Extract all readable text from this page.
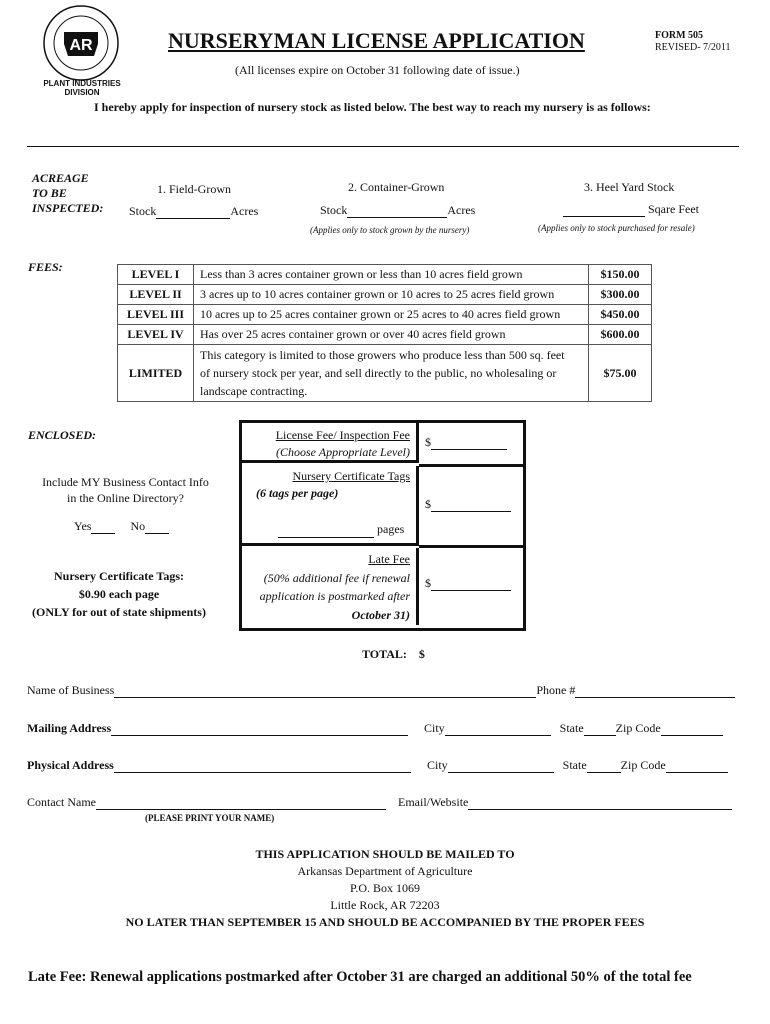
AR
PLANT INDUSTRIES
DIVISION
NURSERYMAN LICENSE APPLICATION	FORM 505
REVISED- 7/2011
(All licenses expire on October 31 following date of issue.)
I hereby apply for inspection of nursery stock as listed below. The best way to reach my nursery is as follows:
ACREAGE
TO BE
INSPECTED:
1. Field-Grown	2. Container-Grown	3. Heel Yard Stock
Stock	Acres	Stock	Acres	Sqare Feet
(Applies only to stock grown by the nursery)	(Applies only to stock purchased for resale)
FEES:	LEVEL I	Less than 3 acres container grown or less than 10 acres field grown	$150.00
LEVEL II	3 acres up to 10 acres container grown or 10 acres to 25 acres field grown	$300.00
LEVEL III	10 acres up to 25 acres container grown or 25 acres to 40 acres field grown	$450.00
LEVEL IV	Has over 25 acres container grown or over 40 acres field grown	$600.00
LIMITED	This category is limited to those growers who produce less than 500 sq. feet
of nursery stock per year, and sell directly to the public, no wholesaling or
landscape contracting.	$75.00
ENCLOSED:
Include MY Business Contact Info
in the Online Directory?
Yes	No
Nursery Certificate Tags:
$0.90 each page
(ONLY for out of state shipments)
License Fee/ Inspection Fee
(Choose Appropriate Level)
$
Nursery Certificate Tags
(6 tags per page)
pages
$
Late Fee
(50% additional fee if renewal
application is postmarked after
October 31)
$
TOTAL: $
Name of Business	Phone #
Mailing Address	City	State	Zip Code
Physical Address	City	State	Zip Code
Contact Name	Email/Website
(PLEASE PRINT YOUR NAME)
THIS APPLICATION SHOULD BE MAILED TO
Arkansas Department of Agriculture
P.O. Box 1069
Little Rock, AR 72203
NO LATER THAN SEPTEMBER 15 AND SHOULD BE ACCOMPANIED BY THE PROPER FEES
Late Fee: Renewal applications postmarked after October 31 are charged an additional 50% of the total fee
